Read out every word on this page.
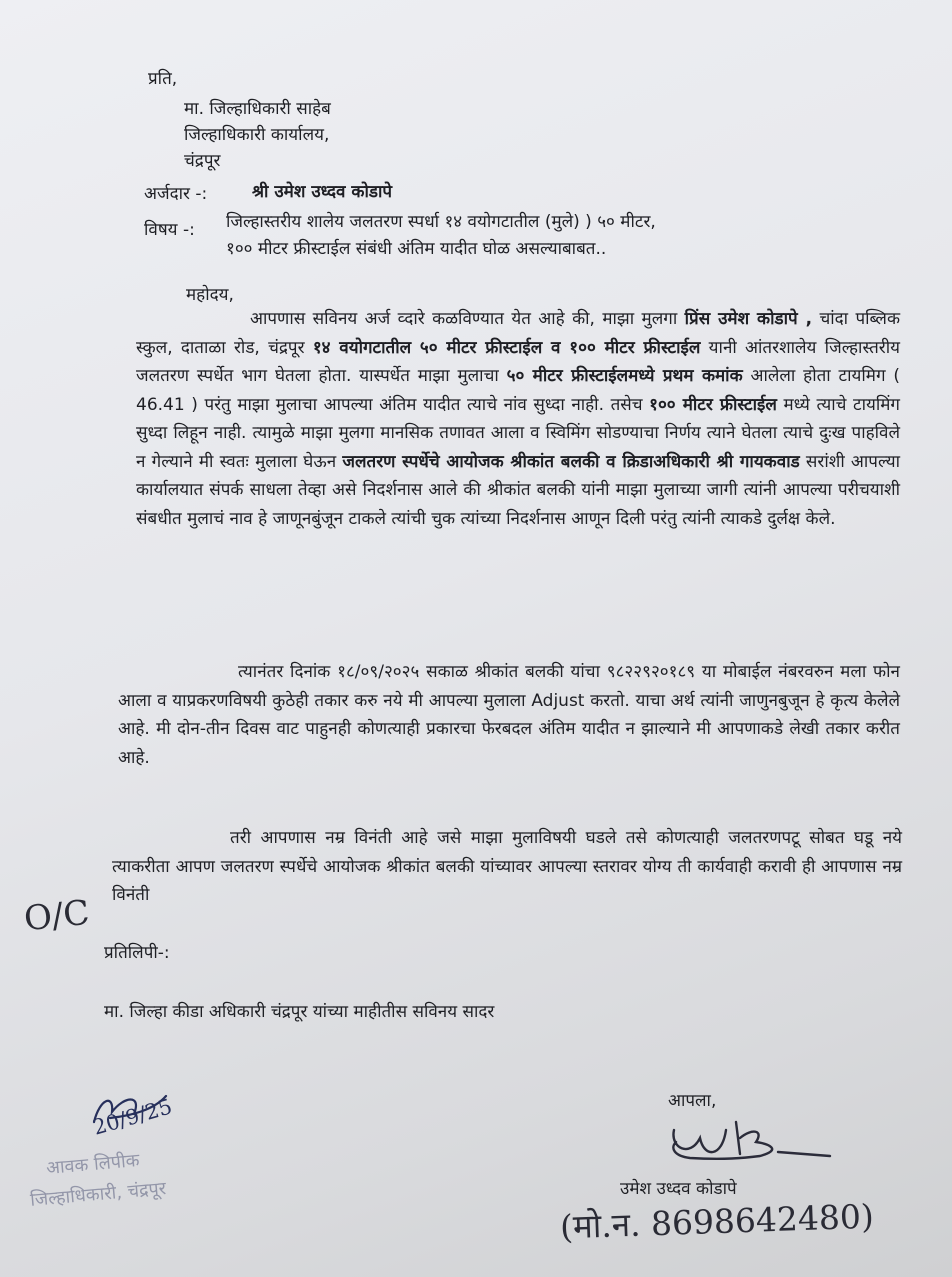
प्रति,
मा. जिल्हाधिकारी साहेब
जिल्हाधिकारी कार्यालय,
चंद्रपूर
अर्जदार -:	श्री उमेश उध्दव कोडापे
विषय -: जिल्हास्तरीय शालेय जलतरण स्पर्धा १४ वयोगटातील (मुले) ) ५० मीटर,
१०० मीटर फ्रीस्टाईल संबंधी अंतिम यादीत घोळ असल्याबाबत..
महोदय,
आपणास सविनय अर्ज व्दारे कळविण्यात येत आहे की, माझा मुलगा प्रिंस उमेश कोडापे , चांदा पब्लिक स्कुल, दाताळा रोड, चंद्रपूर १४ वयोगटातील ५० मीटर फ्रीस्टाईल व १०० मीटर फ्रीस्टाईल यानी आंतरशालेय जिल्हास्तरीय जलतरण स्पर्धेत भाग घेतला होता. यास्पर्धेत माझा मुलाचा ५० मीटर फ्रीस्टाईलमध्ये प्रथम कमांक आलेला होता टायमिग ( 46.41 ) परंतु माझा मुलाचा आपल्या अंतिम यादीत त्याचे नांव सुध्दा नाही. तसेच १०० मीटर फ्रीस्टाईल मध्ये त्याचे टायमिंग सुध्दा लिहून नाही. त्यामुळे माझा मुलगा मानसिक तणावत आला व स्विमिंग सोडण्याचा निर्णय त्याने घेतला त्याचे दुःख पाहविले न गेल्याने मी स्वतः मुलाला घेऊन जलतरण स्पर्धेचे आयोजक श्रीकांत बलकी व क्रिडाअधिकारी श्री गायकवाड सरांशी आपल्या कार्यालयात संपर्क साधला तेव्हा असे निदर्शनास आले की श्रीकांत बलकी यांनी माझा मुलाच्या जागी त्यांनी आपल्या परीचयाशी संबधीत मुलाचं नाव हे जाणूनबुंजून टाकले त्यांची चुक त्यांच्या निदर्शनास आणून दिली परंतु त्यांनी त्याकडे दुर्लक्ष केले.
त्यानंतर दिनांक १८/०९/२०२५ सकाळ श्रीकांत बलकी यांचा ९८२२९२०१८९ या मोबाईल नंबरवरुन मला फोन आला व याप्रकरणविषयी कुठेही तकार करु नये मी आपल्या मुलाला Adjust करतो. याचा अर्थ त्यांनी जाणुनबुजून हे कृत्य केलेले आहे. मी दोन-तीन दिवस वाट पाहुनही कोणत्याही प्रकारचा फेरबदल अंतिम यादीत न झाल्याने मी आपणाकडे लेखी तकार करीत आहे.
तरी आपणास नम्र विनंती आहे जसे माझा मुलाविषयी घडले तसे कोणत्याही जलतरणपटू सोबत घडू नये त्याकरीता आपण जलतरण स्पर्धेचे आयोजक श्रीकांत बलकी यांच्यावर आपल्या स्तरावर योग्य ती कार्यवाही करावी ही आपणास नम्र विनंती
O/C
प्रतिलिपी-:
मा. जिल्हा कीडा अधिकारी चंद्रपूर यांच्या माहीतीस सविनय सादर
आपला,
उमेश उध्दव कोडापे
(मो.न. 8698642480)
20/9/25
आवक लिपीक
जिल्हाधिकारी, चंद्रपूर
